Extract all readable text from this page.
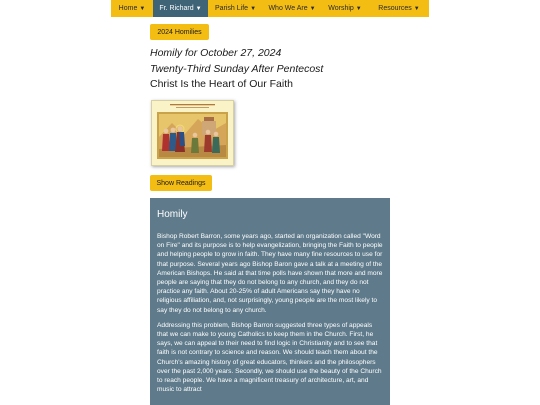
Home ▼ Fr. Richard ▼ Parish Life ▼ Who We Are ▼ Worship ▼ Resources ▼
2024 Homilies
Homily for October 27, 2024
Twenty-Third Sunday After Pentecost
Christ Is the Heart of Our Faith
Show Readings
Homily

Bishop Robert Barron, some years ago, started an organization called "Word on Fire" and its purpose is to help evangelization, bringing the Faith to people and helping people to grow in faith. They have many fine resources to use for that purpose. Several years ago Bishop Baron gave a talk at a meeting of the American Bishops. He said at that time polls have shown that more and more people are saying that they do not belong to any church, and they do not practice any faith. About 20-25% of adult Americans say they have no religious affiliation, and, not surprisingly, young people are the most likely to say they do not belong to any church.

Addressing this problem, Bishop Barron suggested three types of appeals that we can make to young Catholics to keep them in the Church. First, he says, we can appeal to their need to find logic in Christianity and to see that faith is not contrary to science and reason. We should teach them about the Church's amazing history of great educators, thinkers and the philosophers over the past 2,000 years. Secondly, we should use the beauty of the Church to reach people. We have a magnificent treasury of architecture, art, and music to attract
